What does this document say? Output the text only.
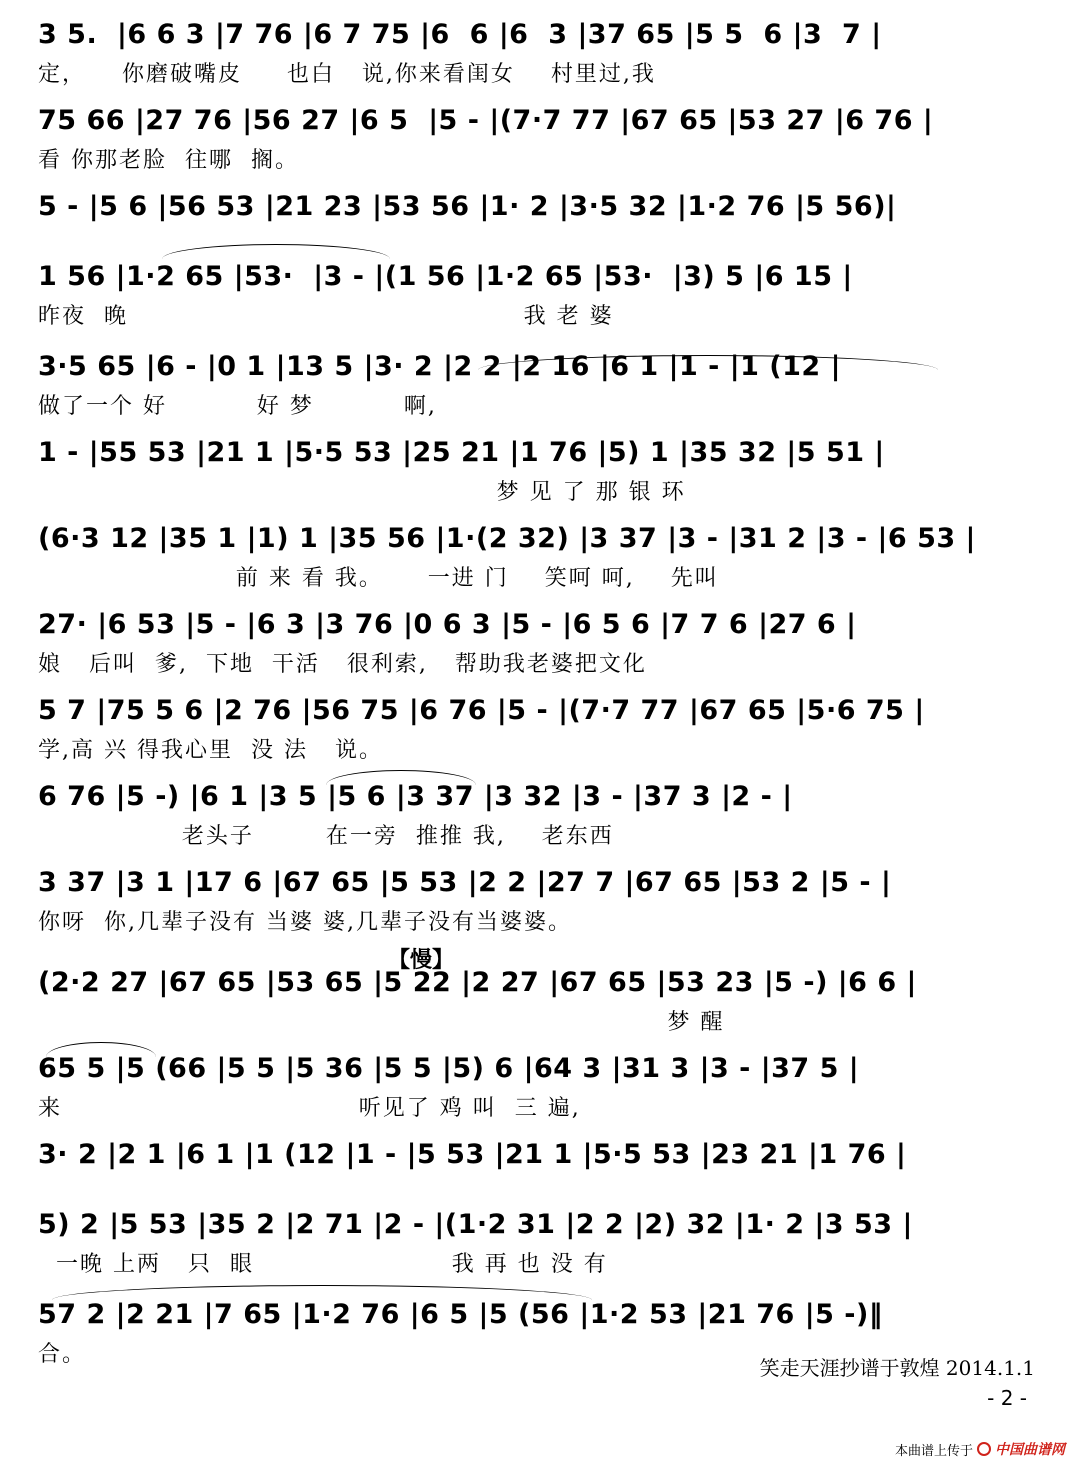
3 5.  |6 6 3 |7 76 |6 7 75 |6  6 |6  3 |37 65 |5 5  6 |3  7 |
定，    你磨破嘴皮     也白   说,你来看闺女    村里过,我
75 66 |27 76 |56 27 |6 5  |5 - |(7·7 77 |67 65 |53 27 |6 76 |
看 你那老脸  往哪  搁。
5 - |5 6 |56 53 |21 23 |53 56 |1· 2 |3·5 32 |1·2 76 |5 56)|
1 56 |1·2 65 |53·  |3 - |(1 56 |1·2 65 |53·  |3) 5 |6 15 |
昨夜  晚                                            我 老 婆
3·5 65 |6 - |0 1 |13 5 |3· 2 |2 2 |2 16 |6 1 |1 - |1 (12 |
做了一个 好          好 梦          啊,
1 - |55 53 |21 1 |5·5 53 |25 21 |1 76 |5) 1 |35 32 |5 51 |
梦 见 了 那 银 环
(6·3 12 |35 1 |1) 1 |35 56 |1·(2 32) |3 37 |3 - |31 2 |3 - |6 53 |
前 来 看 我。     一进 门    笑呵 呵,    先叫
27· |6 53 |5 - |6 3 |3 76 |0 6 3 |5 - |6 5 6 |7 7 6 |27 6 |
娘   后叫  爹,  下地  干活   很利索,   帮助我老婆把文化
5 7 |75 5 6 |2 76 |56 75 |6 76 |5 - |(7·7 77 |67 65 |5·6 75 |
学,高 兴 得我心里  没 法   说。
6 76 |5 -) |6 1 |3 5 |5 6 |3 37 |3 32 |3 - |37 3 |2 - |
老头子        在一旁  推推 我,    老东西
3 37 |3 1 |17 6 |67 65 |5 53 |2 2 |27 7 |67 65 |53 2 |5 - |
你呀  你,几辈子没有 当婆 婆,几辈子没有当婆婆。
【慢】
(2·2 27 |67 65 |53 65 |5 22 |2 27 |67 65 |53 23 |5 -) |6 6 |
梦 醒
65 5 |5 (66 |5 5 |5 36 |5 5 |5) 6 |64 3 |31 3 |3 - |37 5 |
来                                 听见了 鸡 叫  三 遍,
3· 2 |2 1 |6 1 |1 (12 |1 - |5 53 |21 1 |5·5 53 |23 21 |1 76 |
5) 2 |5 53 |35 2 |2 71 |2 - |(1·2 31 |2 2 |2) 32 |1· 2 |3 53 |
一晚 上两   只  眼                      我 再 也 没 有
57 2 |2 21 |7 65 |1·2 76 |6 5 |5 (56 |1·2 53 |21 76 |5 -)‖
合。
笑走天涯抄谱于敦煌 2014.1.1
- 2 -
本曲谱上传于 中国曲谱网
